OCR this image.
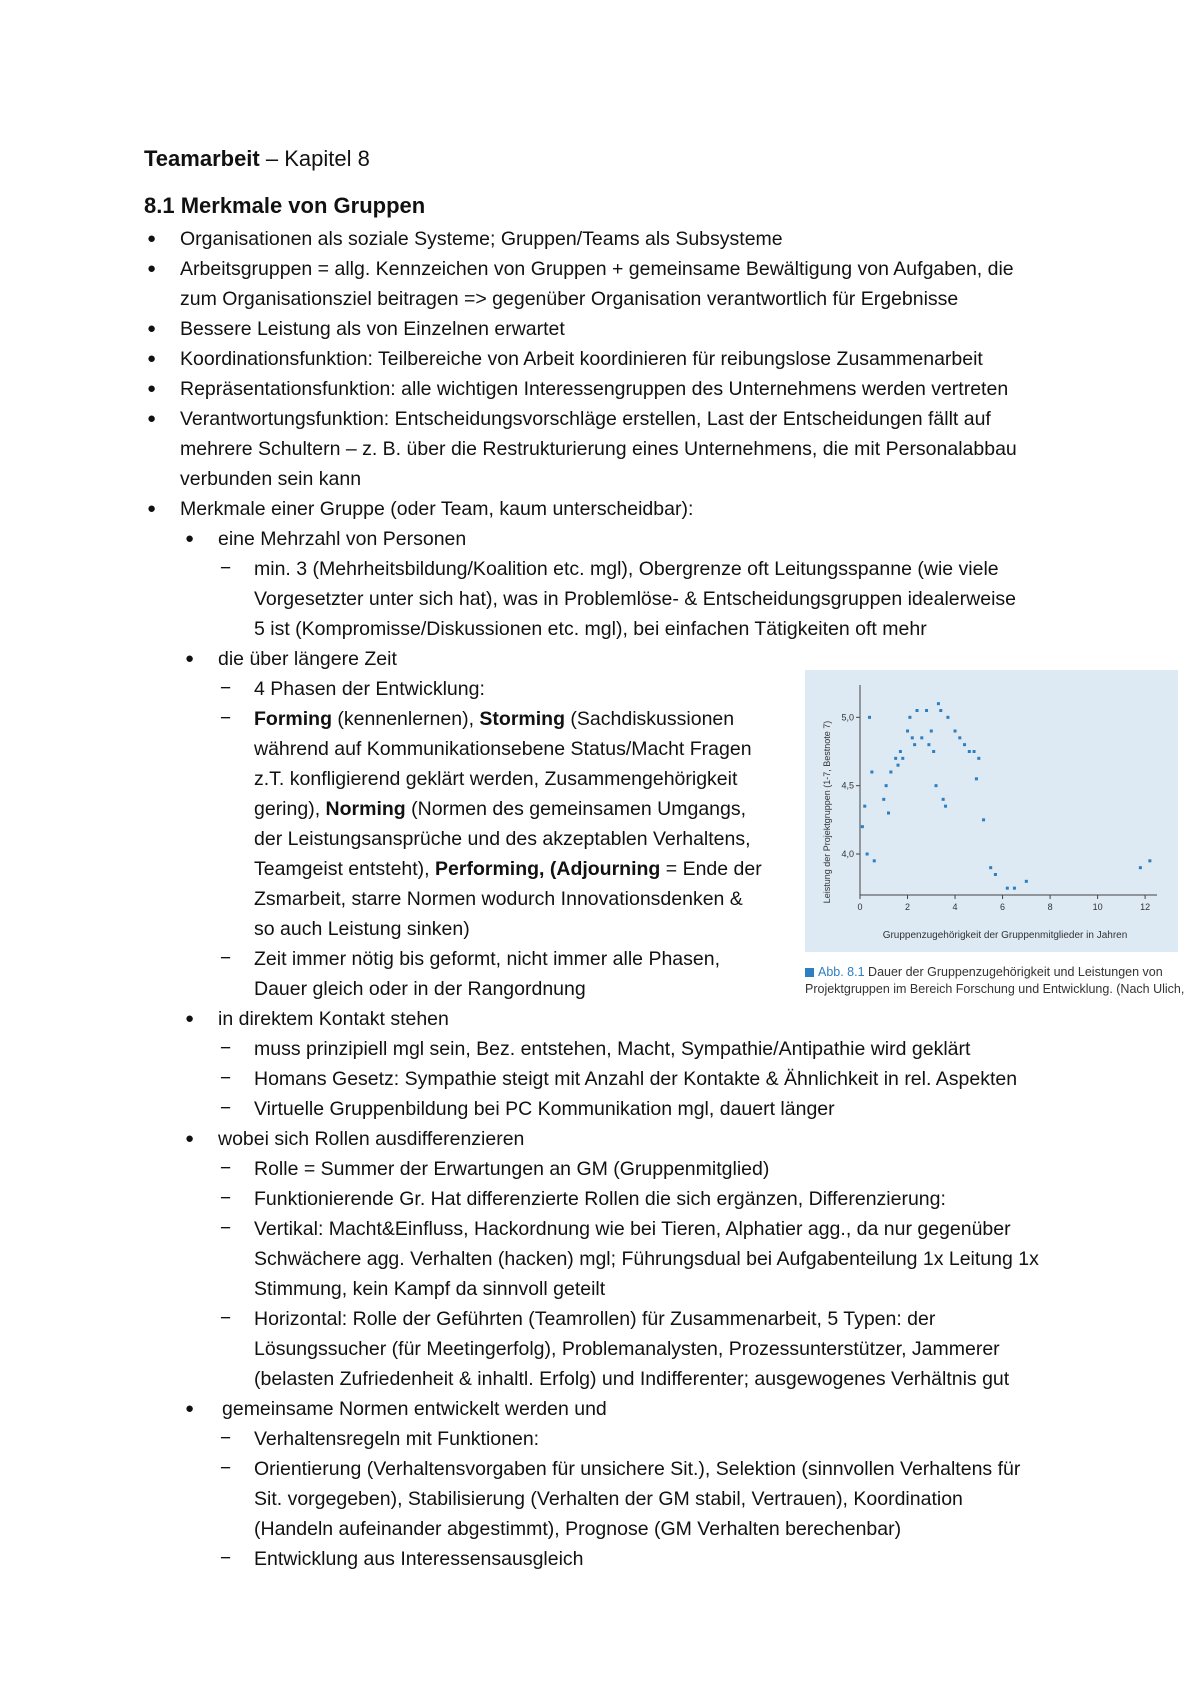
Teamarbeit – Kapitel 8
8.1 Merkmale von Gruppen
● Organisationen als soziale Systeme; Gruppen/Teams als Subsysteme
● Arbeitsgruppen = allg. Kennzeichen von Gruppen + gemeinsame Bewältigung von Aufgaben, die
zum Organisationsziel beitragen => gegenüber Organisation verantwortlich für Ergebnisse
● Bessere Leistung als von Einzelnen erwartet
● Koordinationsfunktion: Teilbereiche von Arbeit koordinieren für reibungslose Zusammenarbeit
● Repräsentationsfunktion: alle wichtigen Interessengruppen des Unternehmens werden vertreten
● Verantwortungsfunktion: Entscheidungsvorschläge erstellen, Last der Entscheidungen fällt auf
mehrere Schultern – z. B. über die Restrukturierung eines Unternehmens, die mit Personalabbau
verbunden sein kann
● Merkmale einer Gruppe (oder Team, kaum unterscheidbar):
● eine Mehrzahl von Personen
− min. 3 (Mehrheitsbildung/Koalition etc. mgl), Obergrenze oft Leitungsspanne (wie viele
Vorgesetzter unter sich hat), was in Problemlöse- & Entscheidungsgruppen idealerweise
5 ist (Kompromisse/Diskussionen etc. mgl), bei einfachen Tätigkeiten oft mehr
● die über längere Zeit
− 4 Phasen der Entwicklung:
− Forming (kennenlernen), Storming (Sachdiskussionen
während auf Kommunikationsebene Status/Macht Fragen
z.T. konfligierend geklärt werden, Zusammengehörigkeit
gering), Norming (Normen des gemeinsamen Umgangs,
der Leistungsansprüche und des akzeptablen Verhaltens,
Teamgeist entsteht), Performing, (Adjourning = Ende der
Zsmarbeit, starre Normen wodurch Innovationsdenken &
so auch Leistung sinken)
− Zeit immer nötig bis geformt, nicht immer alle Phasen,
Dauer gleich oder in der Rangordnung
● in direktem Kontakt stehen
− muss prinzipiell mgl sein, Bez. entstehen, Macht, Sympathie/Antipathie wird geklärt
− Homans Gesetz: Sympathie steigt mit Anzahl der Kontakte & Ähnlichkeit in rel. Aspekten
− Virtuelle Gruppenbildung bei PC Kommunikation mgl, dauert länger
● wobei sich Rollen ausdifferenzieren
− Rolle = Summer der Erwartungen an GM (Gruppenmitglied)
− Funktionierende Gr. Hat differenzierte Rollen die sich ergänzen, Differenzierung:
− Vertikal: Macht&Einfluss, Hackordnung wie bei Tieren, Alphatier agg., da nur gegenüber
Schwächere agg. Verhalten (hacken) mgl; Führungsdual bei Aufgabenteilung 1x Leitung 1x
Stimmung, kein Kampf da sinnvoll geteilt
− Horizontal: Rolle der Geführten (Teamrollen) für Zusammenarbeit, 5 Typen: der
Lösungssucher (für Meetingerfolg), Problemanalysten, Prozessunterstützer, Jammerer
(belasten Zufriedenheit & inhaltl. Erfolg) und Indifferenter; ausgewogenes Verhältnis gut
● gemeinsame Normen entwickelt werden und
− Verhaltensregeln mit Funktionen:
− Orientierung (Verhaltensvorgaben für unsichere Sit.), Selektion (sinnvollen Verhaltens für
Sit. vorgegeben), Stabilisierung (Verhalten der GM stabil, Vertrauen), Koordination
(Handeln aufeinander abgestimmt), Prognose (GM Verhalten berechenbar)
− Entwicklung aus Interessensausgleich
0	2	4	6	8	10	12
4,0
4,5
5,0
Gruppenzugehörigkeit der Gruppenmitglieder in Jahren
Leistung der Projektgruppen (1-7, Bestnote 7)
Abb. 8.1 Dauer der Gruppenzugehörigkeit und Leistungen von Projektgruppen im Bereich Forschung und Entwicklung. (Nach Ulich,
